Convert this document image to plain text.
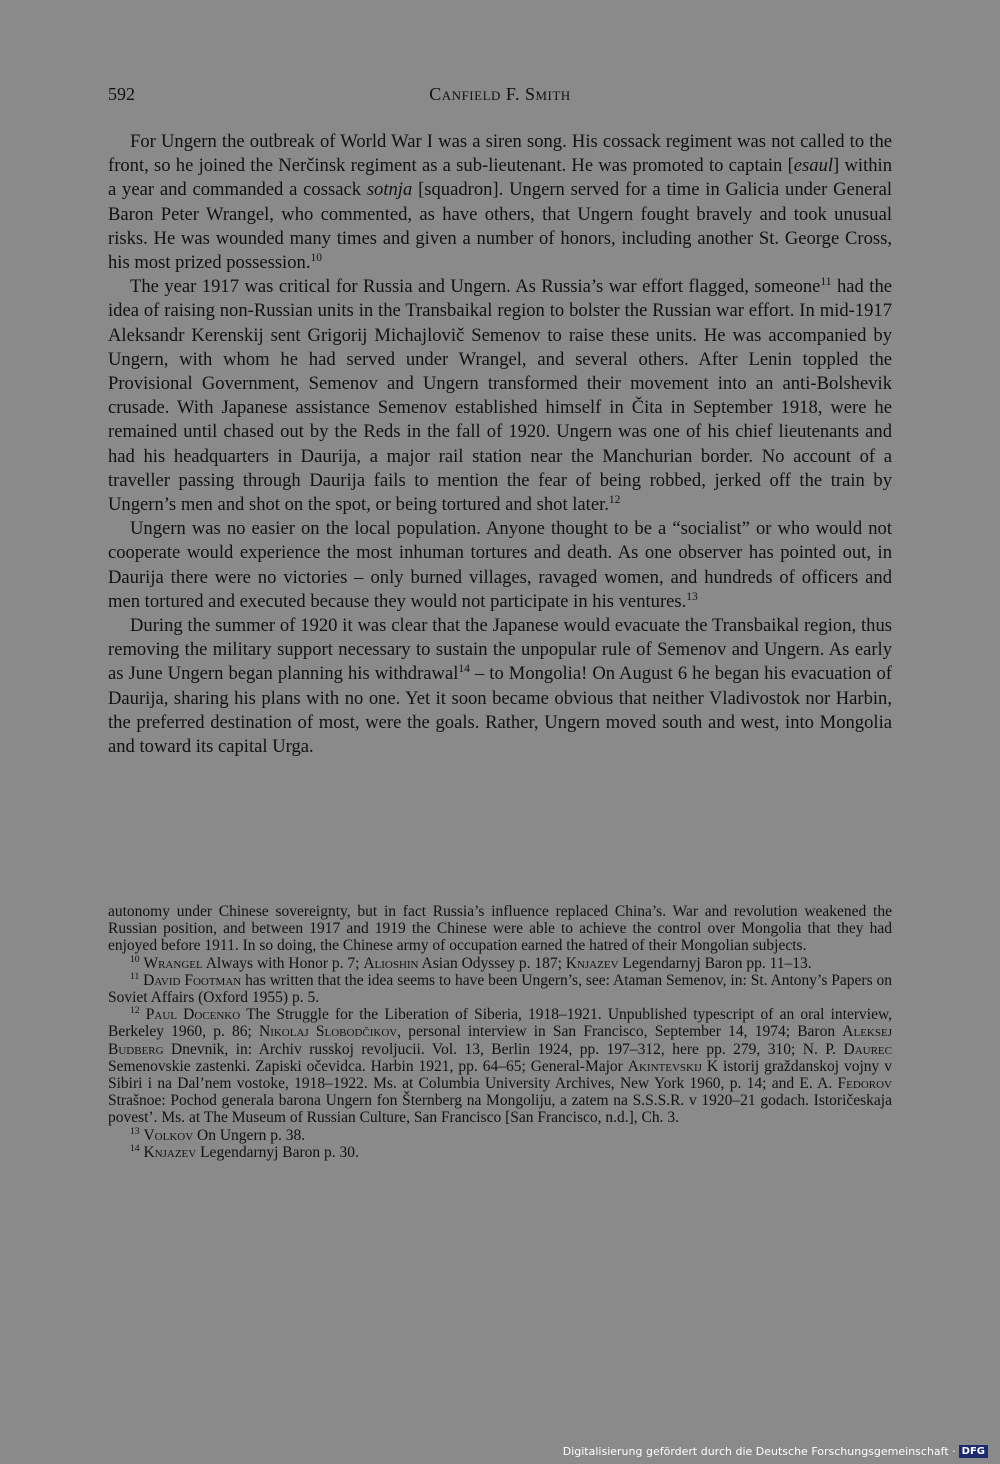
592	Canfield F. Smith

For Ungern the outbreak of World War I was a siren song. His cossack regiment was not called to the front, so he joined the Nerčinsk regiment as a sub-lieutenant. He was promoted to captain [esaul] within a year and commanded a cossack sotnja [squadron]. Ungern served for a time in Galicia under General Baron Peter Wrangel, who commented, as have others, that Ungern fought bravely and took unusual risks. He was wounded many times and given a number of honors, including another St. George Cross, his most prized possession.$^{10}$

The year 1917 was critical for Russia and Ungern. As Russia’s war effort flagged, someone$^{11}$ had the idea of raising non-Russian units in the Transbaikal region to bolster the Russian war effort. In mid-1917 Aleksandr Kerenskij sent Grigorij Michajlovič Semenov to raise these units. He was accompanied by Ungern, with whom he had served under Wrangel, and several others. After Lenin toppled the Provisional Government, Semenov and Ungern transformed their movement into an anti-Bolshevik crusade. With Japanese assistance Semenov established himself in Čita in September 1918, were he remained until chased out by the Reds in the fall of 1920. Ungern was one of his chief lieutenants and had his headquarters in Daurija, a major rail station near the Manchurian border. No account of a traveller passing through Daurija fails to mention the fear of being robbed, jerked off the train by Ungern’s men and shot on the spot, or being tortured and shot later.$^{12}$

Ungern was no easier on the local population. Anyone thought to be a “socialist” or who would not cooperate would experience the most inhuman tortures and death. As one observer has pointed out, in Daurija there were no victories – only burned villages, ravaged women, and hundreds of officers and men tortured and executed because they would not participate in his ventures.$^{13}$

During the summer of 1920 it was clear that the Japanese would evacuate the Transbaikal region, thus removing the military support necessary to sustain the unpopular rule of Semenov and Ungern. As early as June Ungern began planning his withdrawal$^{14}$ – to Mongolia! On August 6 he began his evacuation of Daurija, sharing his plans with no one. Yet it soon became obvious that neither Vladivostok nor Harbin, the preferred destination of most, were the goals. Rather, Ungern moved south and west, into Mongolia and toward its capital Urga.

autonomy under Chinese sovereignty, but in fact Russia’s influence replaced China’s. War and revolution weakened the Russian position, and between 1917 and 1919 the Chinese were able to achieve the control over Mongolia that they had enjoyed before 1911. In so doing, the Chinese army of occupation earned the hatred of their Mongolian subjects.

$^{10}$ Wrangel Always with Honor p. 7; Alioshin Asian Odyssey p. 187; Knjazev Legendarnyj Baron pp. 11–13.

$^{11}$ David Footman has written that the idea seems to have been Ungern’s, see: Ataman Semenov, in: St. Antony’s Papers on Soviet Affairs (Oxford 1955) p. 5.

$^{12}$ Paul Docenko The Struggle for the Liberation of Siberia, 1918–1921. Unpublished typescript of an oral interview, Berkeley 1960, p. 86; Nikolaj Slobodčikov, personal interview in San Francisco, September 14, 1974; Baron Aleksej Budberg Dnevnik, in: Archiv russkoj revoljucii. Vol. 13, Berlin 1924, pp. 197–312, here pp. 279, 310; N. P. Daurec Semenovskie zastenki. Zapiski očevidca. Harbin 1921, pp. 64–65; General-Major Akintevskij K istorij graždanskoj vojny v Sibiri i na Dal’nem vostoke, 1918–1922. Ms. at Columbia University Archives, New York 1960, p. 14; and E. A. Fedorov Strašnoe: Pochod generala barona Ungern fon Šternberg na Mongoliju, a zatem na S.S.S.R. v 1920–21 godach. Istoričeskaja povest’. Ms. at The Museum of Russian Culture, San Francisco [San Francisco, n.d.], Ch. 3.

$^{13}$ Volkov On Ungern p. 38.

$^{14}$ Knjazev Legendarnyj Baron p. 30.

Digitalisierung gefördert durch die Deutsche Forschungsgemeinschaft · DFG
